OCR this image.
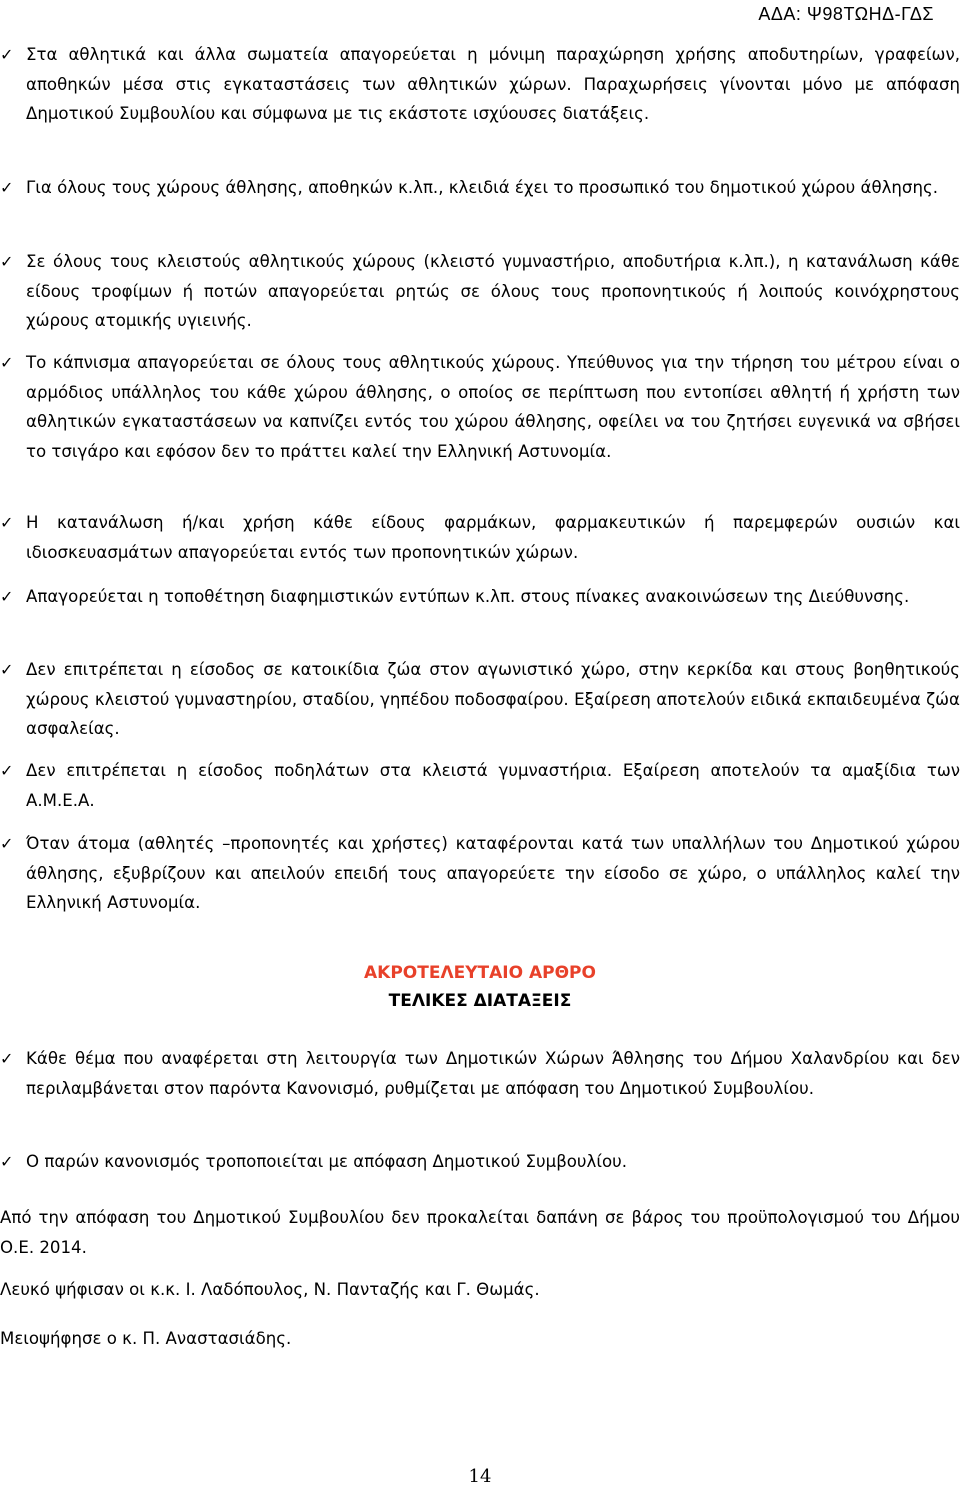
ΑΔΑ: Ψ98ΤΩΗΔ-ΓΔΣ
✓ Στα αθλητικά και άλλα σωματεία απαγορεύεται η μόνιμη παραχώρηση χρήσης αποδυτηρίων, γραφείων, αποθηκών μέσα στις εγκαταστάσεις των αθλητικών χώρων. Παραχωρήσεις γίνονται μόνο με απόφαση Δημοτικού Συμβουλίου και σύμφωνα με τις εκάστοτε ισχύουσες διατάξεις.
✓ Για όλους τους χώρους άθλησης, αποθηκών κ.λπ., κλειδιά έχει το προσωπικό του δημοτικού χώρου άθλησης.
✓ Σε όλους τους κλειστούς αθλητικούς χώρους (κλειστό γυμναστήριο, αποδυτήρια κ.λπ.), η κατανάλωση κάθε είδους τροφίμων ή ποτών απαγορεύεται ρητώς σε όλους τους προπονητικούς ή λοιπούς κοινόχρηστους χώρους ατομικής υγιεινής.
✓ Το κάπνισμα απαγορεύεται σε όλους τους αθλητικούς χώρους. Υπεύθυνος για την τήρηση του μέτρου είναι ο αρμόδιος υπάλληλος του κάθε χώρου άθλησης, ο οποίος σε περίπτωση που εντοπίσει αθλητή ή χρήστη των αθλητικών εγκαταστάσεων να καπνίζει εντός του χώρου άθλησης, οφείλει να του ζητήσει ευγενικά να σβήσει το τσιγάρο και εφόσον δεν το πράττει καλεί την Ελληνική Αστυνομία.
✓ Η κατανάλωση ή/και χρήση κάθε είδους φαρμάκων, φαρμακευτικών ή παρεμφερών ουσιών και ιδιοσκευασμάτων απαγορεύεται εντός των προπονητικών χώρων.
✓ Απαγορεύεται η τοποθέτηση διαφημιστικών εντύπων κ.λπ. στους πίνακες ανακοινώσεων της Διεύθυνσης.
✓ Δεν επιτρέπεται η είσοδος σε κατοικίδια ζώα στον αγωνιστικό χώρο, στην κερκίδα και στους βοηθητικούς χώρους κλειστού γυμναστηρίου, σταδίου, γηπέδου ποδοσφαίρου. Εξαίρεση αποτελούν ειδικά εκπαιδευμένα ζώα ασφαλείας.
✓ Δεν επιτρέπεται η είσοδος ποδηλάτων στα κλειστά γυμναστήρια. Εξαίρεση αποτελούν τα αμαξίδια των Α.Μ.Ε.Α.
✓ Όταν άτομα (αθλητές –προπονητές και χρήστες) καταφέρονται κατά των υπαλλήλων του Δημοτικού χώρου άθλησης, εξυβρίζουν και απειλούν επειδή τους απαγορεύετε την είσοδο σε χώρο, ο υπάλληλος καλεί την Ελληνική Αστυνομία.
ΑΚΡΟΤΕΛΕΥΤΑΙΟ ΑΡΘΡΟ
ΤΕΛΙΚΕΣ ΔΙΑΤΑΞΕΙΣ
✓ Κάθε θέμα που αναφέρεται στη λειτουργία των Δημοτικών Χώρων Άθλησης του Δήμου Χαλανδρίου και δεν περιλαμβάνεται στον παρόντα Κανονισμό, ρυθμίζεται με απόφαση του Δημοτικού Συμβουλίου.
✓ Ο παρών κανονισμός τροποποιείται με απόφαση Δημοτικού Συμβουλίου.
Από την απόφαση του Δημοτικού Συμβουλίου δεν προκαλείται δαπάνη σε βάρος του προϋπολογισμού του Δήμου Ο.Ε. 2014.
Λευκό ψήφισαν οι κ.κ. Ι. Λαδόπουλος, Ν. Πανταζής και Γ. Θωμάς.
Μειοψήφησε ο κ. Π. Αναστασιάδης.
14
